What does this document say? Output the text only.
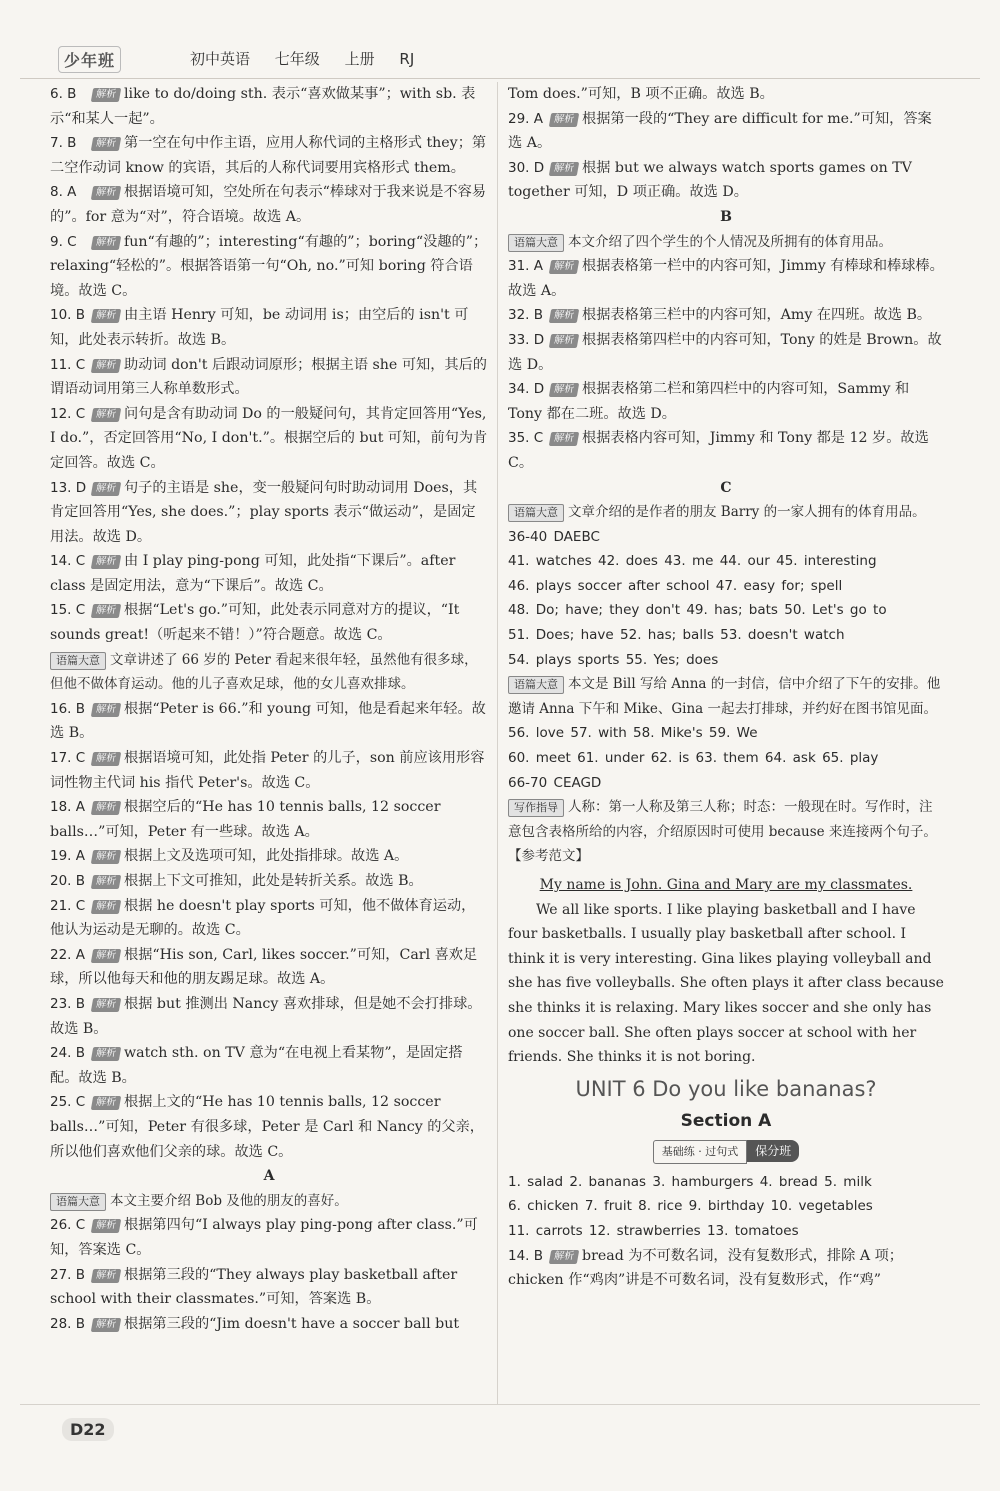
少年班	初中英语 七年级 上册 RJ
6. B 解析 like to do/doing sth. 表示“喜欢做某事”；with sb. 表示“和某人一起”。
7. B 解析 第一空在句中作主语，应用人称代词的主格形式 they；第二空作动词 know 的宾语，其后的人称代词要用宾格形式 them。
8. A 解析 根据语境可知，空处所在句表示“棒球对于我来说是不容易的”。for 意为“对”，符合语境。故选 A。
9. C 解析 fun“有趣的”；interesting“有趣的”；boring“没趣的”；relaxing“轻松的”。根据答语第一句“Oh, no.”可知 boring 符合语境。故选 C。
10. B 解析 由主语 Henry 可知，be 动词用 is；由空后的 isn't 可知，此处表示转折。故选 B。
11. C 解析 助动词 don't 后跟动词原形；根据主语 she 可知，其后的谓语动词用第三人称单数形式。
12. C 解析 问句是含有助动词 Do 的一般疑问句，其肯定回答用“Yes, I do.”，否定回答用“No, I don't.”。根据空后的 but 可知，前句为肯定回答。故选 C。
13. D 解析 句子的主语是 she，变一般疑问句时助动词用 Does，其肯定回答用“Yes, she does.”；play sports 表示“做运动”，是固定用法。故选 D。
14. C 解析 由 I play ping-pong 可知，此处指“下课后”。after class 是固定用法，意为“下课后”。故选 C。
15. C 解析 根据“Let's go.”可知，此处表示同意对方的提议，“It sounds great!（听起来不错！）”符合题意。故选 C。
语篇大意 文章讲述了 66 岁的 Peter 看起来很年轻，虽然他有很多球，但他不做体育运动。他的儿子喜欢足球，他的女儿喜欢排球。
16. B 解析 根据“Peter is 66.”和 young 可知，他是看起来年轻。故选 B。
17. C 解析 根据语境可知，此处指 Peter 的儿子，son 前应该用形容词性物主代词 his 指代 Peter's。故选 C。
18. A 解析 根据空后的“He has 10 tennis balls, 12 soccer balls…”可知，Peter 有一些球。故选 A。
19. A 解析 根据上文及选项可知，此处指排球。故选 A。
20. B 解析 根据上下文可推知，此处是转折关系。故选 B。
21. C 解析 根据 he doesn't play sports 可知，他不做体育运动，他认为运动是无聊的。故选 C。
22. A 解析 根据“His son, Carl, likes soccer.”可知，Carl 喜欢足球，所以他每天和他的朋友踢足球。故选 A。
23. B 解析 根据 but 推测出 Nancy 喜欢排球，但是她不会打排球。故选 B。
24. B 解析 watch sth. on TV 意为“在电视上看某物”，是固定搭配。故选 B。
25. C 解析 根据上文的“He has 10 tennis balls, 12 soccer balls…”可知，Peter 有很多球，Peter 是 Carl 和 Nancy 的父亲，所以他们喜欢他们父亲的球。故选 C。
A
语篇大意 本文主要介绍 Bob 及他的朋友的喜好。
26. C 解析 根据第四句“I always play ping-pong after class.”可知，答案选 C。
27. B 解析 根据第三段的“They always play basketball after school with their classmates.”可知，答案选 B。
28. B 解析 根据第三段的“Jim doesn't have a soccer ball but
Tom does.”可知，B 项不正确。故选 B。
29. A 解析 根据第一段的“They are difficult for me.”可知，答案选 A。
30. D 解析 根据 but we always watch sports games on TV together 可知，D 项正确。故选 D。
B
语篇大意 本文介绍了四个学生的个人情况及所拥有的体育用品。
31. A 解析 根据表格第一栏中的内容可知，Jimmy 有棒球和棒球棒。故选 A。
32. B 解析 根据表格第三栏中的内容可知，Amy 在四班。故选 B。
33. D 解析 根据表格第四栏中的内容可知，Tony 的姓是 Brown。故选 D。
34. D 解析 根据表格第二栏和第四栏中的内容可知，Sammy 和 Tony 都在二班。故选 D。
35. C 解析 根据表格内容可知，Jimmy 和 Tony 都是 12 岁。故选 C。
C
语篇大意 文章介绍的是作者的朋友 Barry 的一家人拥有的体育用品。
36-40 DAEBC
41. watches 42. does 43. me 44. our 45. interesting
46. plays soccer after school 47. easy for; spell
48. Do; have; they don't 49. has; bats 50. Let's go to
51. Does; have 52. has; balls 53. doesn't watch
54. plays sports 55. Yes; does
语篇大意 本文是 Bill 写给 Anna 的一封信，信中介绍了下午的安排。他邀请 Anna 下午和 Mike、Gina 一起去打排球，并约好在图书馆见面。
56. love 57. with 58. Mike's 59. We
60. meet 61. under 62. is 63. them 64. ask 65. play
66-70 CEAGD
写作指导 人称：第一人称及第三人称；时态：一般现在时。写作时，注意包含表格所给的内容，介绍原因时可使用 because 来连接两个句子。
【参考范文】
My name is John. Gina and Mary are my classmates.
We all like sports. I like playing basketball and I have four basketballs. I usually play basketball after school. I think it is very interesting. Gina likes playing volleyball and she has five volleyballs. She often plays it after class because she thinks it is relaxing. Mary likes soccer and she only has one soccer ball. She often plays soccer at school with her friends. She thinks it is not boring.
UNIT 6 Do you like bananas?
Section A
基础练 · 过句式 保分班
1. salad 2. bananas 3. hamburgers 4. bread 5. milk
6. chicken 7. fruit 8. rice 9. birthday 10. vegetables
11. carrots 12. strawberries 13. tomatoes
14. B 解析 bread 为不可数名词，没有复数形式，排除 A 项；chicken 作“鸡肉”讲是不可数名词，没有复数形式，作“鸡”
D22
